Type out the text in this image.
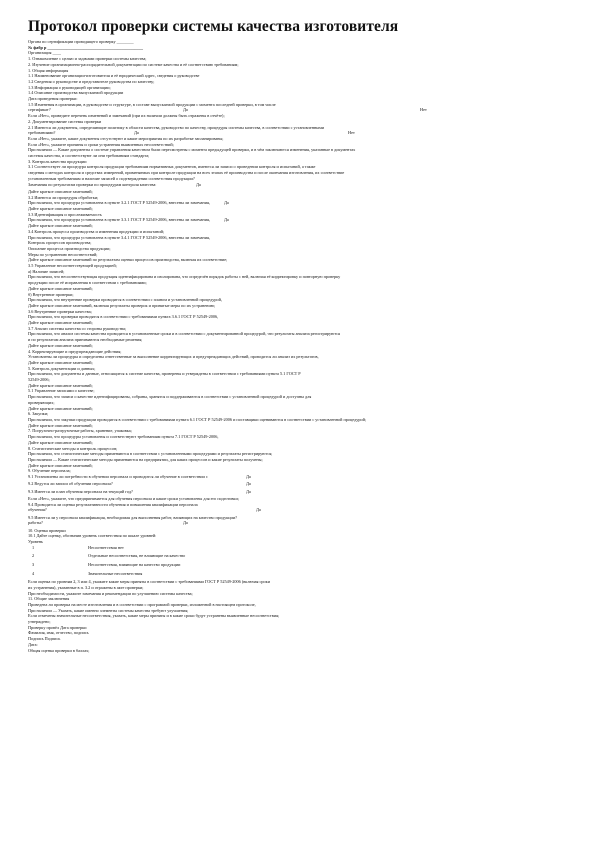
Протокол проверки системы качества изготовителя
Органа по сертификации проводящего проверку ________
№ фабр р _____________________________________________
Организация ____
1. Ознакомление с целью и задачами проверки системы качества;
2. Изучение организационно-распорядительной документации по системе качества и её соответствию требованиям;
1. Общая информация
1.1 Наименование организации-изготовителя и её юридический адрес, сведения о руководстве
1.2 Сведения о руководстве и представителе руководства по качеству;
1.3 Информация о руководящей организации;
1.4 Описание производства выпускаемой продукции
Дата проведения проверки:
1.5 Изменения в организации, в руководстве и структуре, в составе выпускаемой продукции с момента последней проверки, в том числе
сертификат?	Да	Нет
Если «Нет», приведите перечень изменений и замечаний (при их наличии должны быть отражены в отчёте);
2. Документирование системы проверки
2.1 Имеются ли документы, определяющие политику в области качества, руководство по качеству, процедуры системы качества, в соответствии с установленными
требованиями?	Да	Нет
Если «Нет», укажите, какие документы отсутствуют и какие мероприятия по их разработке запланированы;
Если «Нет», укажите причины и сроки устранения выявленных несоответствий;
При наличии — Какие документы о системе управления качеством были пересмотрены с момента предыдущей проверки, и в чём заключаются изменения, указанные в документах
системы качества, и соответствуют ли они требованиям стандарта;
3. Контроль качества продукции
3.1 Соответствует ли процедура контроля продукции требованиям нормативных документов, имеются ли записи о проведении контроля и испытаний, а также
сведения о методах контроля и средствах измерений, применяемых при контроле продукции на всех этапах её производства и после окончания изготовления, их соответствие
установленным требованиям и наличие записей о подтверждении соответствия продукции?
Замечания по результатам проверки по процедурам контроля качества:	Да
Дайте краткое описание замечаний;
3.2 Имеются ли процедуры обработки;
При наличии, что процедура установлена в пункте 3.2.1 ГОСТ Р 52549-2006, внесены ли замечания,	Да
Дайте краткое описание замечаний;
3.3 Идентификация и прослеживаемость
При наличии, что процедура установлена в пункте 3.3.1 ГОСТ Р 52549-2006, внесены ли замечания,	Да
Дайте краткое описание замечаний;
3.4 Контроль процесса производства и изменения продукции и испытаний;
При наличии, что процедура установлена в пункте 3.4.1 ГОСТ Р 52549-2006, внесены ли замечания,
Контроль процессов производства;
Описание процесса производства продукции;
Меры по устранению несоответствий;
Дайте краткое описание замечаний по результатам оценки процессов производства, включая их соответствие;
3.5 Управление несоответствующей продукцией;
а) Наличие записей;
При наличии, что несоответствующая продукция идентифицирована и изолирована, что определён порядок работы с ней, включая её корректировку и повторную проверку
продукции после её исправления в соответствии с требованиями;
Дайте краткое описание замечаний;
б) Внутренние проверки;
При наличии, что внутренние проверки проводятся в соответствии с планом и установленной процедурой,
Дайте краткое описание замечаний, включая результаты проверок и принятые меры по их устранению;
3.6 Внутренние проверки качества;
При наличии, что проверки проводятся в соответствии с требованиями пункта 3.6.1 ГОСТ Р 52549-2006,
Дайте краткое описание замечаний;
3.7 Анализ системы качества со стороны руководства;
При наличии, что анализ системы качества проводится в установленные сроки и в соответствии с документированной процедурой, что результаты анализа регистрируются
и по результатам анализа принимаются необходимые решения;
Дайте краткое описание замечаний;
4. Корректирующие и предупреждающие действия;
Установлены ли процедуры и определены ответственные за выполнение корректирующих и предупреждающих действий, проводится ли анализ их результатов,
Дайте краткое описание замечаний;
5. Контроль документации и данных;
При наличии, что документы и данные, относящиеся к системе качества, проверены и утверждены в соответствии с требованиями пункта 5.1 ГОСТ Р
52549-2006;
Дайте краткое описание замечаний;
5.1 Управление записями о качестве;
При наличии, что записи о качестве идентифицированы, собраны, хранятся и поддерживаются в соответствии с установленной процедурой и доступны для
проверяющих;
Дайте краткое описание замечаний;
6. Закупки;
При наличии, что закупки продукции проводятся в соответствии с требованиями пункта 6.1 ГОСТ Р 52549-2006 и поставщики оцениваются в соответствии с установленной процедурой;
Дайте краткое описание замечаний;
7. Погрузочно-разгрузочные работы, хранение, упаковка;
При наличии, что процедуры установлены и соответствуют требованиям пункта 7.1 ГОСТ Р 52549-2006,
Дайте краткое описание замечаний;
8. Статистические методы и контроль процессов;
При наличии, что статистические методы применяются в соответствии с установленными процедурами и результаты регистрируются;
При наличии — Какие статистические методы применяются на предприятии, для каких процессов и какие результаты получены;
Дайте краткое описание замечаний;
9. Обучение персонала;
9.1 Установлены ли потребности в обучении персонала и проводится ли обучение в соответствии с	Да
9.2 Ведутся ли записи об обучении персонала?	Да
9.3 Имеется ли план обучения персонала на текущий год?	Да
Если «Нет», укажите, что предпринимается для обучения персонала и какие сроки установлены для его подготовки;
9.4 Проводится ли оценка результативности обучения и повышения квалификации персонала
обучения?	Да
9.5 Имеется ли у персонала квалификация, необходимая для выполнения работ, влияющих на качество продукции?
работы?	Да
10. Оценка проверки
10.1 Дайте оценку, обозначив уровень соответствия по шкале уровней:
Уровень
1	Несоответствия нет
2	Отдельные несоответствия, не влияющие на качество
3	Несоответствия, влияющие на качество продукции
4	Значительные несоответствия
Если оценка по уровням 2, 3 или 4, укажите какие меры приняты в соответствии с требованиями ГОСТ Р 52549-2006 (включая сроки
их устранения), указанные в п. 3.2 и отражены в акте проверки;
При необходимости, укажите замечания и рекомендации по улучшению системы качества;
11. Общие заключения
Проведена ли проверка на месте изготовления и в соответствии с программой проверки, изложенной в настоящем протоколе,
При наличии — Указать, какие именно элементы системы качества требуют улучшения;
Если отмечены значительные несоответствия, указать, какие меры приняты и в какие сроки будут устранены выявленные несоответствия;
утверждено;
Проверку провёл Дата проверки
Фамилия, имя, отчество, подпись
Подпись Подпись
Дата:
Общая оценка проверки в баллах;
